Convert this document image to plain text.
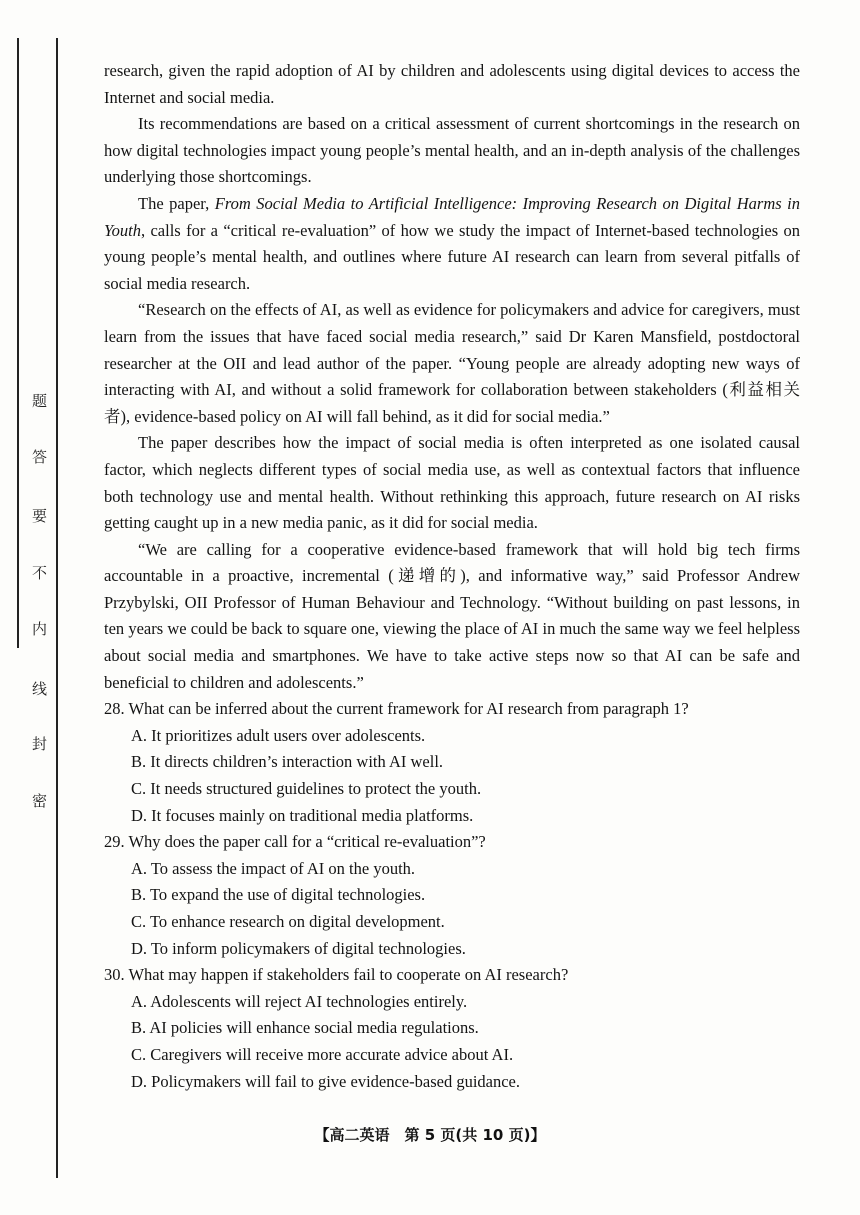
题
答
要
不
内
线
封
密

research, given the rapid adoption of AI by children and adolescents using digital devices to access the Internet and social media.

Its recommendations are based on a critical assessment of current shortcomings in the research on how digital technologies impact young people’s mental health, and an in-depth analysis of the challenges underlying those shortcomings.

The paper, From Social Media to Artificial Intelligence: Improving Research on Digital Harms in Youth, calls for a “critical re-evaluation” of how we study the impact of Internet-based technologies on young people’s mental health, and outlines where future AI research can learn from several pitfalls of social media research.

“Research on the effects of AI, as well as evidence for policymakers and advice for caregivers, must learn from the issues that have faced social media research,” said Dr Karen Mansfield, postdoctoral researcher at the OII and lead author of the paper. “Young people are already adopting new ways of interacting with AI, and without a solid framework for collaboration between stakeholders (利益相关者), evidence-based policy on AI will fall behind, as it did for social media.”

The paper describes how the impact of social media is often interpreted as one isolated causal factor, which neglects different types of social media use, as well as contextual factors that influence both technology use and mental health. Without rethinking this approach, future research on AI risks getting caught up in a new media panic, as it did for social media.

“We are calling for a cooperative evidence-based framework that will hold big tech firms accountable in a proactive, incremental (递增的), and informative way,” said Professor Andrew Przybylski, OII Professor of Human Behaviour and Technology. “Without building on past lessons, in ten years we could be back to square one, viewing the place of AI in much the same way we feel helpless about social media and smartphones. We have to take active steps now so that AI can be safe and beneficial to children and adolescents.”

28. What can be inferred about the current framework for AI research from paragraph 1?

A. It prioritizes adult users over adolescents.

B. It directs children’s interaction with AI well.

C. It needs structured guidelines to protect the youth.

D. It focuses mainly on traditional media platforms.

29. Why does the paper call for a “critical re-evaluation”?

A. To assess the impact of AI on the youth.

B. To expand the use of digital technologies.

C. To enhance research on digital development.

D. To inform policymakers of digital technologies.

30. What may happen if stakeholders fail to cooperate on AI research?

A. Adolescents will reject AI technologies entirely.

B. AI policies will enhance social media regulations.

C. Caregivers will receive more accurate advice about AI.

D. Policymakers will fail to give evidence-based guidance.

【高二英语　第 5 页(共 10 页)】
